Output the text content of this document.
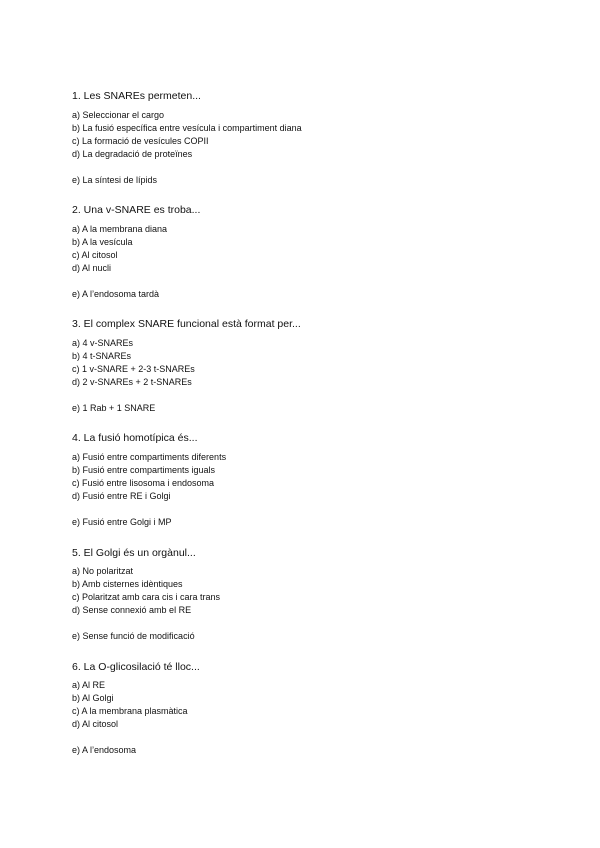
1. Les SNAREs permeten...
a) Seleccionar el cargo
b) La fusió específica entre vesícula i compartiment diana
c) La formació de vesícules COPII
d) La degradació de proteïnes
e) La síntesi de lípids
2. Una v-SNARE es troba...
a) A la membrana diana
b) A la vesícula
c) Al citosol
d) Al nucli
e) A l’endosoma tardà
3. El complex SNARE funcional està format per...
a) 4 v-SNAREs
b) 4 t-SNAREs
c) 1 v-SNARE + 2-3 t-SNAREs
d) 2 v-SNAREs + 2 t-SNAREs
e) 1 Rab + 1 SNARE
4. La fusió homotípica és...
a) Fusió entre compartiments diferents
b) Fusió entre compartiments iguals
c) Fusió entre lisosoma i endosoma
d) Fusió entre RE i Golgi
e) Fusió entre Golgi i MP
5. El Golgi és un orgànul...
a) No polaritzat
b) Amb cisternes idèntiques
c) Polaritzat amb cara cis i cara trans
d) Sense connexió amb el RE
e) Sense funció de modificació
6. La O-glicosilació té lloc...
a) Al RE
b) Al Golgi
c) A la membrana plasmàtica
d) Al citosol
e) A l’endosoma
